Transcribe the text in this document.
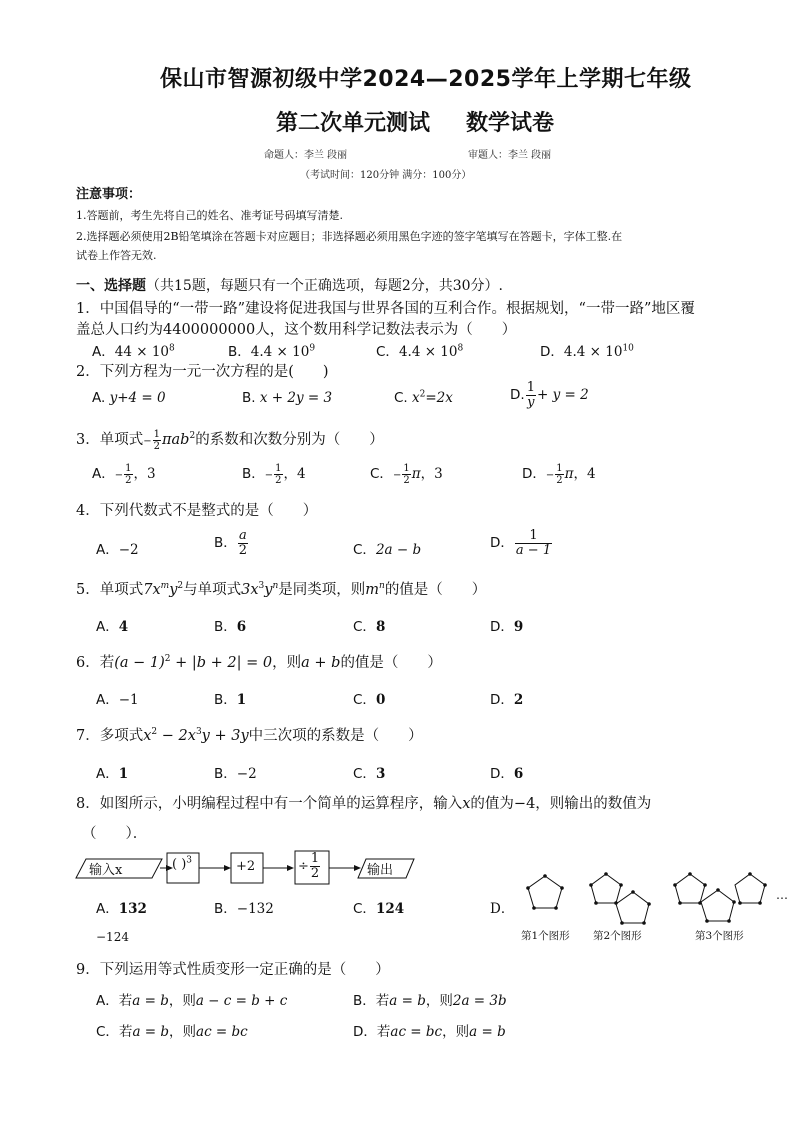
保山市智源初级中学2024—2025学年上学期七年级
第二次单元测试 数学试卷
命题人：李兰 段丽	审题人：李兰 段丽
（考试时间：120分钟 满分：100分）
注意事项：
1.答题前，考生先将自己的姓名、准考证号码填写清楚.
2.选择题必须使用2B铅笔填涂在答题卡对应题目；非选择题必须用黑色字迹的签字笔填写在答题卡，字体工整.在
试卷上作答无效.
一、选择题（共15题，每题只有一个正确选项，每题2分，共30分）.
1．中国倡导的“一带一路”建设将促进我国与世界各国的互利合作。根据规划，“一带一路”地区覆
盖总人口约为4400000000人，这个数用科学记数法表示为（　　）
A．$44 \times 10^8$	B．$4.4 \times 10^9$	C．$4.4 \times 10^8$	D．$4.4 \times 10^{10}$
2．下列方程为一元一次方程的是(　　)
A. y+4 = 0	B. x + 2y = 3	C. $x^2=2x$	D. $\frac{1}{y} + y = 2$
3．单项式− $\frac{1}{2} \pi ab^2$的系数和次数分别为（　　）
A．− $\frac{1}{2}$ ，3	B．− $\frac{1}{2}$ ，4	C．− $\frac{1}{2}$ π，3	D．− $\frac{1}{2}$ π，4
4．下列代数式不是整式的是（　　）
A．−2	B． $\frac{a}{2}$	C．2a − b	D． $\frac{1}{a - 1}$
5．单项式$7x^my^2$与单项式$3x^3y^n$是同类项，则$m^n$的值是（　　）
A．4	B．6	C．8	D．9
6．若$(a - 1)^2 + |b + 2| = 0$，则a + b的值是（　　）
A．−1	B．1	C．0	D．2
7．多项式$x^2 - 2x^3y + 3y$中三次项的系数是（　　）
A．1	B．−2	C．3	D．6
8．如图所示，小明编程过程中有一个简单的运算程序，输入x的值为−4，则输出的数值为
（　　）．
输入x	( )$^3$	+2	÷ $\frac{1}{2}$	输出
A．132	B．−132	C．124	D．
−124
…
第1个图形 第2个图形	第3个图形
9．下列运用等式性质变形一定正确的是（　　）
A．若a = b，则a − c = b + c	B．若a = b，则2a = 3b
C．若a = b，则ac = bc	D．若ac = bc，则a = b
